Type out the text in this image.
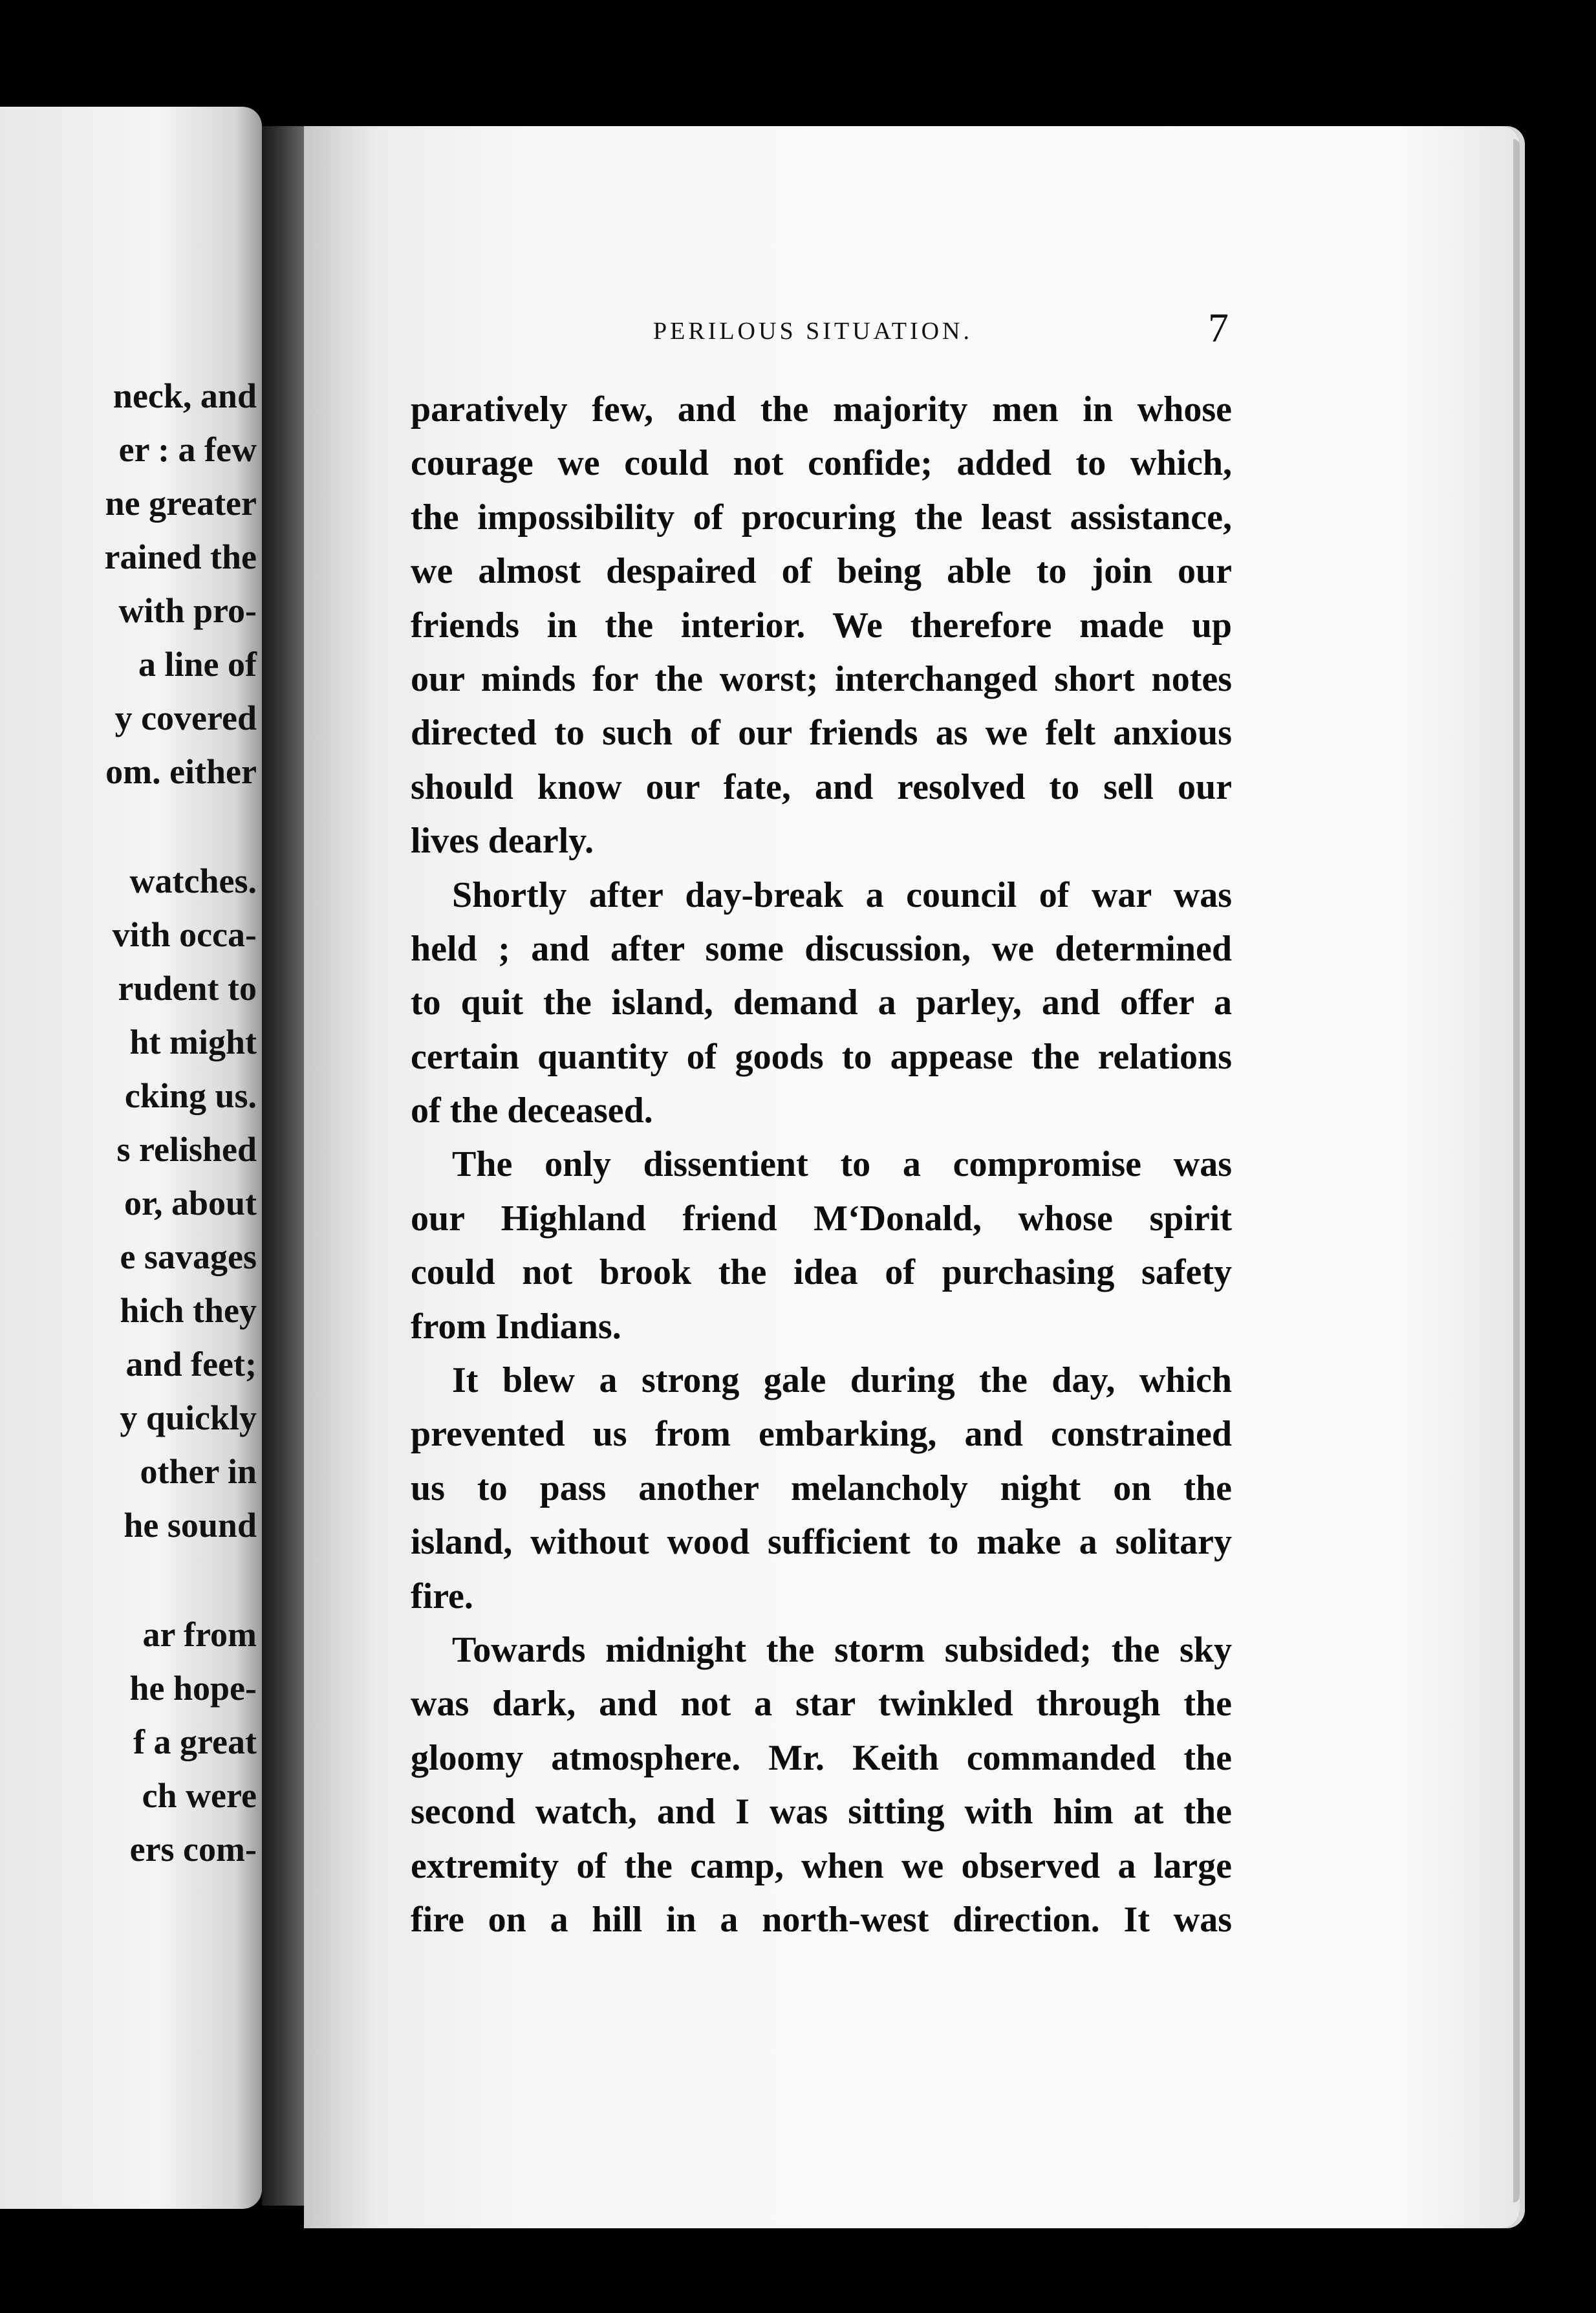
neck, and
er : a few
ne greater
rained the
with pro-
a line of
y covered
om. either
watches.
vith occa-
rudent to
ht might
cking us.
s relished
or, about
e savages
hich they
and feet;
y quickly
other in
he sound
ar from
he hope-
f a great
ch were
ers com-
PERILOUS SITUATION.	7
paratively few, and the majority men in whose
courage we could not confide; added to which,
the impossibility of procuring the least assistance,
we almost despaired of being able to join our
friends in the interior. We therefore made up
our minds for the worst; interchanged short notes
directed to such of our friends as we felt anxious
should know our fate, and resolved to sell our
lives dearly.
Shortly after day-break a council of war was
held ; and after some discussion, we determined
to quit the island, demand a parley, and offer a
certain quantity of goods to appease the relations
of the deceased.
The only dissentient to a compromise was
our Highland friend M‘Donald, whose spirit
could not brook the idea of purchasing safety
from Indians.
It blew a strong gale during the day, which
prevented us from embarking, and constrained
us to pass another melancholy night on the
island, without wood sufficient to make a solitary
fire.
Towards midnight the storm subsided; the sky
was dark, and not a star twinkled through the
gloomy atmosphere. Mr. Keith commanded the
second watch, and I was sitting with him at the
extremity of the camp, when we observed a large
fire on a hill in a north-west direction. It was
